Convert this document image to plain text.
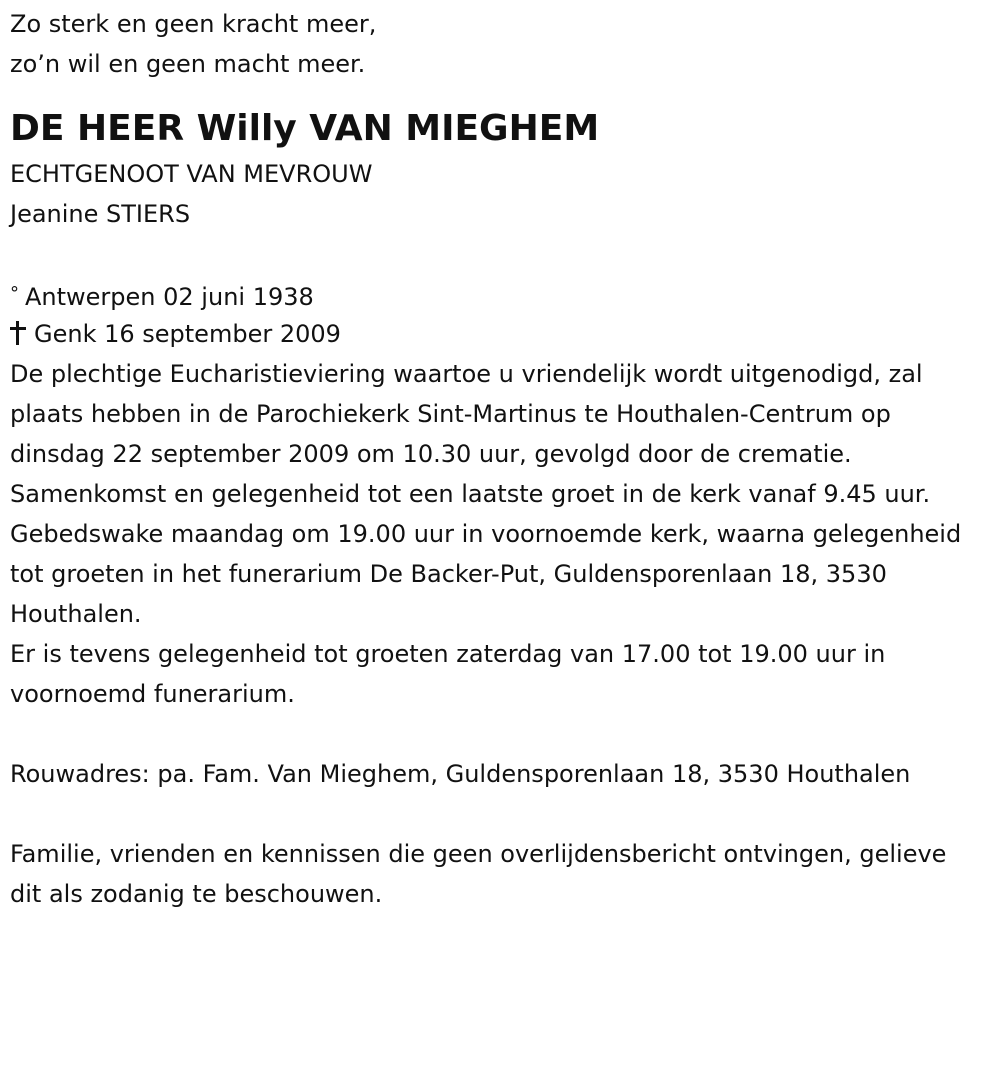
Zo sterk en geen kracht meer,
zo’n wil en geen macht meer.
DE HEER Willy VAN MIEGHEM
ECHTGENOOT VAN MEVROUW
Jeanine STIERS
° Antwerpen 02 juni 1938
Genk 16 september 2009
De plechtige Eucharistieviering waartoe u vriendelijk wordt uitgenodigd, zal plaats hebben in de Parochiekerk Sint-Martinus te Houthalen-Centrum op dinsdag 22 september 2009 om 10.30 uur, gevolgd door de crematie.
Samenkomst en gelegenheid tot een laatste groet in de kerk vanaf 9.45 uur.
Gebedswake maandag om 19.00 uur in voornoemde kerk, waarna gelegenheid tot groeten in het funerarium De Backer-Put, Guldensporenlaan 18, 3530 Houthalen.
Er is tevens gelegenheid tot groeten zaterdag van 17.00 tot 19.00 uur in voornoemd funerarium.
Rouwadres: pa. Fam. Van Mieghem, Guldensporenlaan 18, 3530 Houthalen
Familie, vrienden en kennissen die geen overlijdensbericht ontvingen, gelieve dit als zodanig te beschouwen.
